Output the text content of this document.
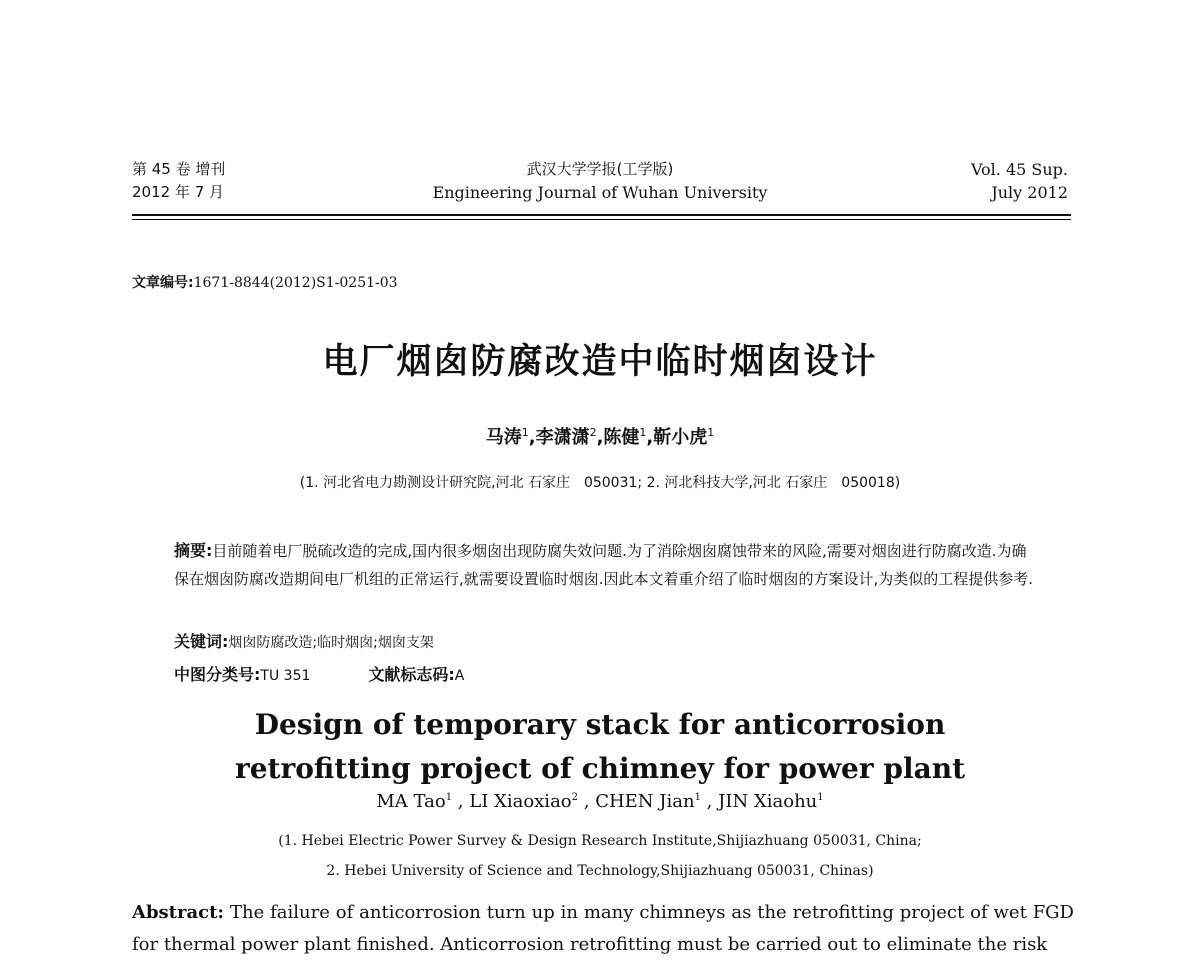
第 45 卷 增刊
2012 年 7 月
武汉大学学报(工学版)
Engineering Journal of Wuhan University
Vol. 45 Sup.
July 2012
文章编号:1671-8844(2012)S1-0251-03
电厂烟囱防腐改造中临时烟囱设计
马涛$^1$,李潇潇$^2$,陈健$^1$,靳小虎$^1$
(1. 河北省电力勘测设计研究院,河北 石家庄　050031; 2. 河北科技大学,河北 石家庄　050018)
摘要:目前随着电厂脱硫改造的完成,国内很多烟囱出现防腐失效问题.为了消除烟囱腐蚀带来的风险,需要对烟囱进行防腐改造.为确保在烟囱防腐改造期间电厂机组的正常运行,就需要设置临时烟囱.因此本文着重介绍了临时烟囱的方案设计,为类似的工程提供参考.
关键词:烟囱防腐改造;临时烟囱;烟囱支架
中图分类号:TU 351	文献标志码:A
Design of temporary stack for anticorrosion
retrofitting project of chimney for power plant
MA Tao$^1$ , LI Xiaoxiao$^2$ , CHEN Jian$^1$ , JIN Xiaohu$^1$
(1. Hebei Electric Power Survey & Design Research Institute,Shijiazhuang 050031, China;
2. Hebei University of Science and Technology,Shijiazhuang 050031, Chinas)
Abstract: The failure of anticorrosion turn up in many chimneys as the retrofitting project of wet FGD for thermal power plant finished. Anticorrosion retrofitting must be carried out to eliminate the risk
